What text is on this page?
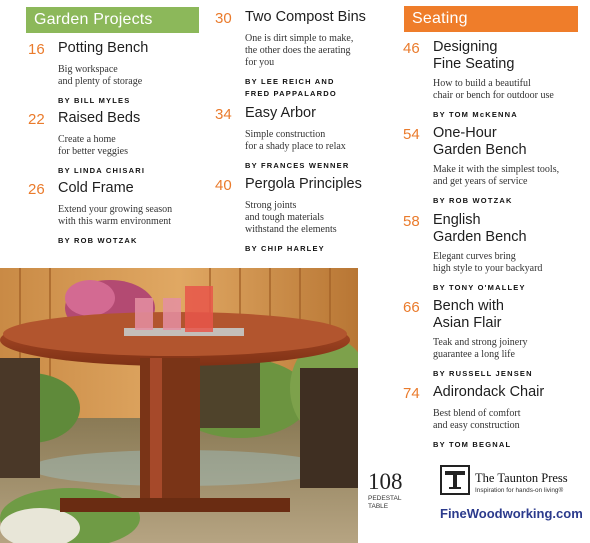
Garden Projects	Seating
16 Potting Bench
Big workspace
and plenty of storage
BY BILL MYLES
22 Raised Beds
Create a home
for better veggies
BY LINDA CHISARI
26 Cold Frame
Extend your growing season
with this warm environment
BY ROB WOTZAK
30 Two Compost Bins
One is dirt simple to make,
the other does the aerating
for you
BY LEE REICH AND
FRED PAPPALARDO
34 Easy Arbor
Simple construction
for a shady place to relax
BY FRANCES WENNER
40 Pergola Principles
Strong joints
and tough materials
withstand the elements
BY CHIP HARLEY
46 Designing
Fine Seating
How to build a beautiful
chair or bench for outdoor use
BY TOM McKENNA
54 One-Hour
Garden Bench
Make it with the simplest tools,
and get years of service
BY ROB WOTZAK
58 English
Garden Bench
Elegant curves bring
high style to your backyard
BY TONY O'MALLEY
66 Bench with
Asian Flair
Teak and strong joinery
guarantee a long life
BY RUSSELL JENSEN
74 Adirondack Chair
Best blend of comfort
and easy construction
BY TOM BEGNAL
108
PEDESTAL
TABLE
The Taunton Press
Inspiration for hands-on living®
FineWoodworking.com
